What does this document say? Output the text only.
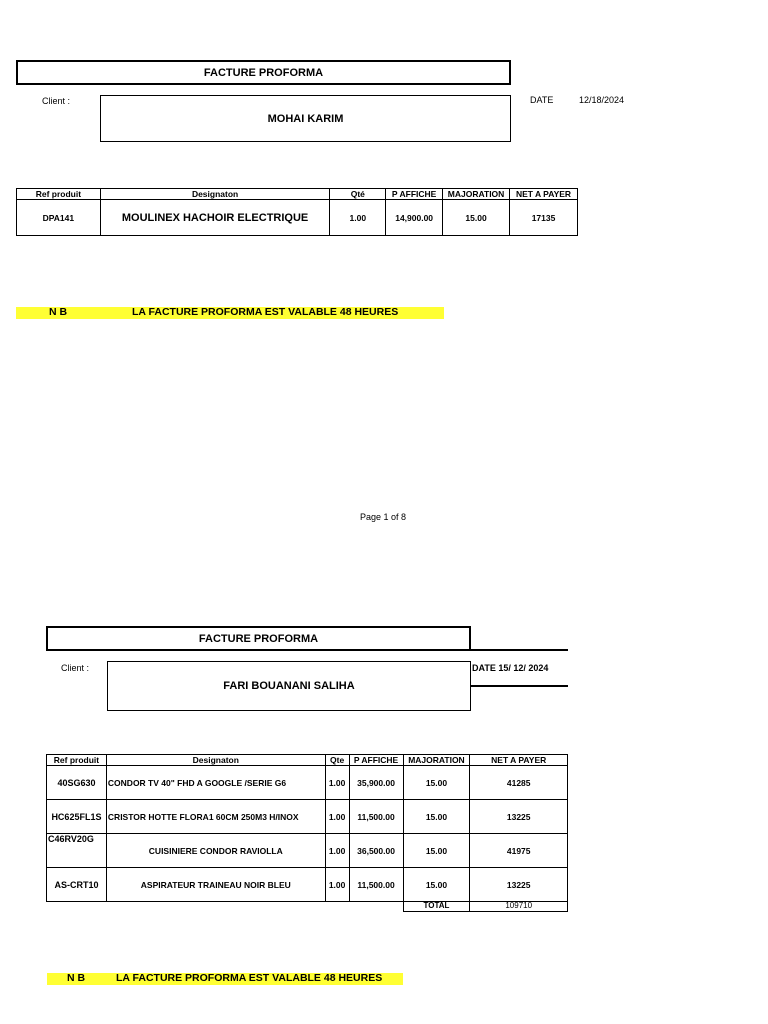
FACTURE PROFORMA
Client :
MOHAI KARIM
DATE	12/18/2024
Ref produit	Designaton	Qté	P AFFICHE	MAJORATION	NET A PAYER
DPA141	MOULINEX HACHOIR ELECTRIQUE	1.00	14,900.00	15.00	17135
N B	LA FACTURE PROFORMA EST VALABLE 48 HEURES
Page 1 of 8
FACTURE PROFORMA
Client :
FARI BOUANANI SALIHA
DATE 15/ 12/ 2024
Ref produit	Designaton	Qte	P AFFICHE	MAJORATION	NET A PAYER
40SG630	CONDOR TV 40" FHD A GOOGLE /SERIE G6	1.00	35,900.00	15.00	41285
HC625FL1S	CRISTOR HOTTE FLORA1 60CM 250M3 H/INOX	1.00	11,500.00	15.00	13225
C46RV20G	CUISINIERE CONDOR RAVIOLLA	1.00	36,500.00	15.00	41975
AS-CRT10	ASPIRATEUR TRAINEAU NOIR BLEU	1.00	11,500.00	15.00	13225
				TOTAL	109710
N B	LA FACTURE PROFORMA EST VALABLE 48 HEURES
